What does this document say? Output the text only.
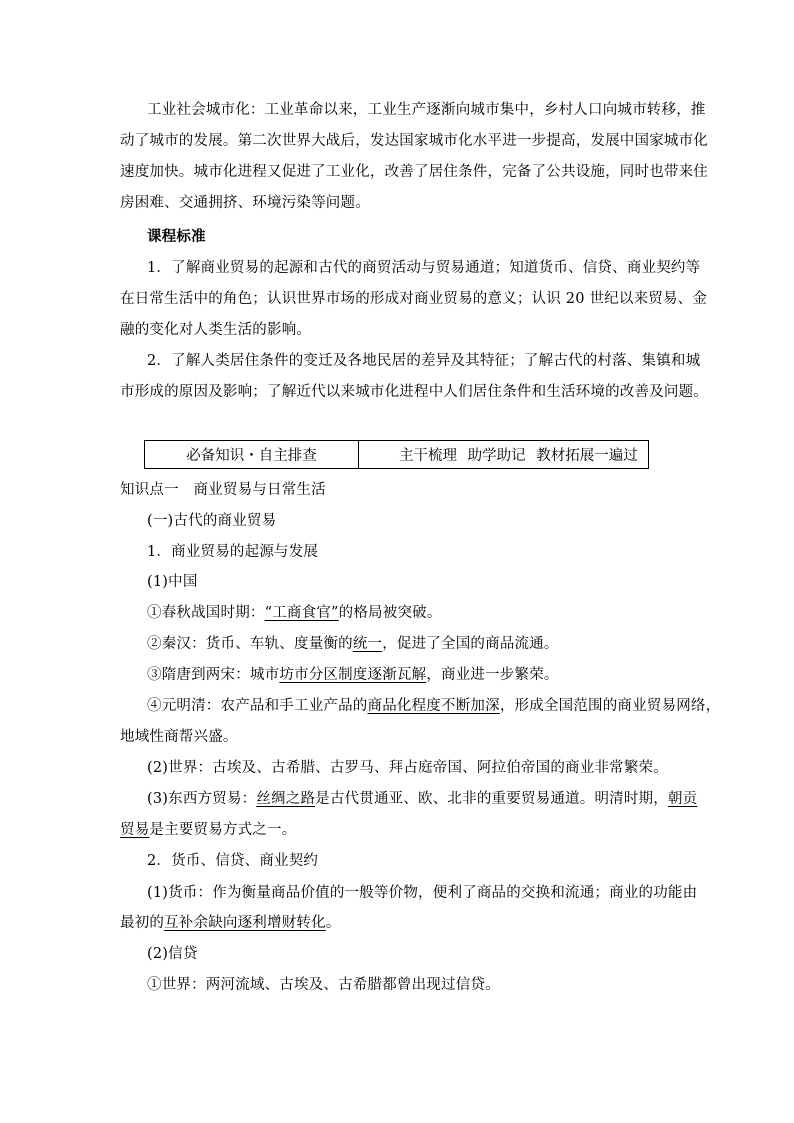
工业社会城市化：工业革命以来，工业生产逐渐向城市集中，乡村人口向城市转移，推
动了城市的发展。第二次世界大战后，发达国家城市化水平进一步提高，发展中国家城市化
速度加快。城市化进程又促进了工业化，改善了居住条件，完备了公共设施，同时也带来住
房困难、交通拥挤、环境污染等问题。
课程标准
1．了解商业贸易的起源和古代的商贸活动与贸易通道；知道货币、信贷、商业契约等
在日常生活中的角色；认识世界市场的形成对商业贸易的意义；认识 20 世纪以来贸易、金
融的变化对人类生活的影响。
2．了解人类居住条件的变迁及各地民居的差异及其特征；了解古代的村落、集镇和城
市形成的原因及影响；了解近代以来城市化进程中人们居住条件和生活环境的改善及问题。
必备知识・自主排查	主干梳理 助学助记 教材拓展一遍过
知识点一　商业贸易与日常生活
(一)古代的商业贸易
1．商业贸易的起源与发展
(1)中国
①春秋战国时期：“工商食官”的格局被突破。
②秦汉：货币、车轨、度量衡的统一，促进了全国的商品流通。
③隋唐到两宋：城市坊市分区制度逐渐瓦解，商业进一步繁荣。
④元明清：农产品和手工业产品的商品化程度不断加深，形成全国范围的商业贸易网络，
地域性商帮兴盛。
(2)世界：古埃及、古希腊、古罗马、拜占庭帝国、阿拉伯帝国的商业非常繁荣。
(3)东西方贸易：丝绸之路是古代贯通亚、欧、北非的重要贸易通道。明清时期，朝贡
贸易是主要贸易方式之一。
2．货币、信贷、商业契约
(1)货币：作为衡量商品价值的一般等价物，便利了商品的交换和流通；商业的功能由
最初的互补余缺向逐利增财转化。
(2)信贷
①世界：两河流域、古埃及、古希腊都曾出现过信贷。
